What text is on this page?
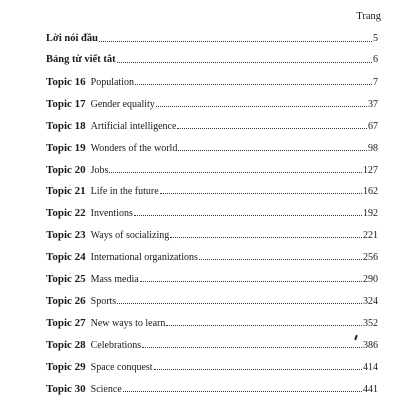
Trang
Lời nói đầu	5
Bảng từ viết tắt	6
Topic 16 Population	7
Topic 17 Gender equality	37
Topic 18 Artificial intelligence	67
Topic 19 Wonders of the world	98
Topic 20 Jobs	127
Topic 21 Life in the future	162
Topic 22 Inventions	192
Topic 23 Ways of socializing	221
Topic 24 International organizations	256
Topic 25 Mass media	290
Topic 26 Sports	324
Topic 27 New ways to learn	352
Topic 28 Celebrations	386
Topic 29 Space conquest	414
Topic 30 Science	441
